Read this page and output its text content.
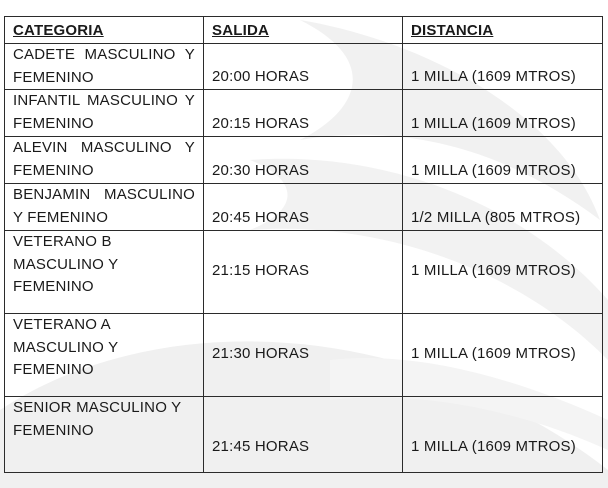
CATEGORIA	SALIDA	DISTANCIA
CADETE MASCULINO Y FEMENINO	20:00 HORAS	1 MILLA (1609 MTROS)
INFANTIL MASCULINO Y FEMENINO	20:15 HORAS	1 MILLA (1609 MTROS)
ALEVIN MASCULINO Y FEMENINO	20:30 HORAS	1 MILLA (1609 MTROS)
BENJAMIN MASCULINO Y FEMENINO	20:45 HORAS	1/2 MILLA (805 MTROS)
VETERANO B MASCULINO Y FEMENINO	21:15 HORAS	1 MILLA (1609 MTROS)
VETERANO A MASCULINO Y FEMENINO	21:30 HORAS	1 MILLA (1609 MTROS)
SENIOR MASCULINO Y FEMENINO	21:45 HORAS	1 MILLA (1609 MTROS)
